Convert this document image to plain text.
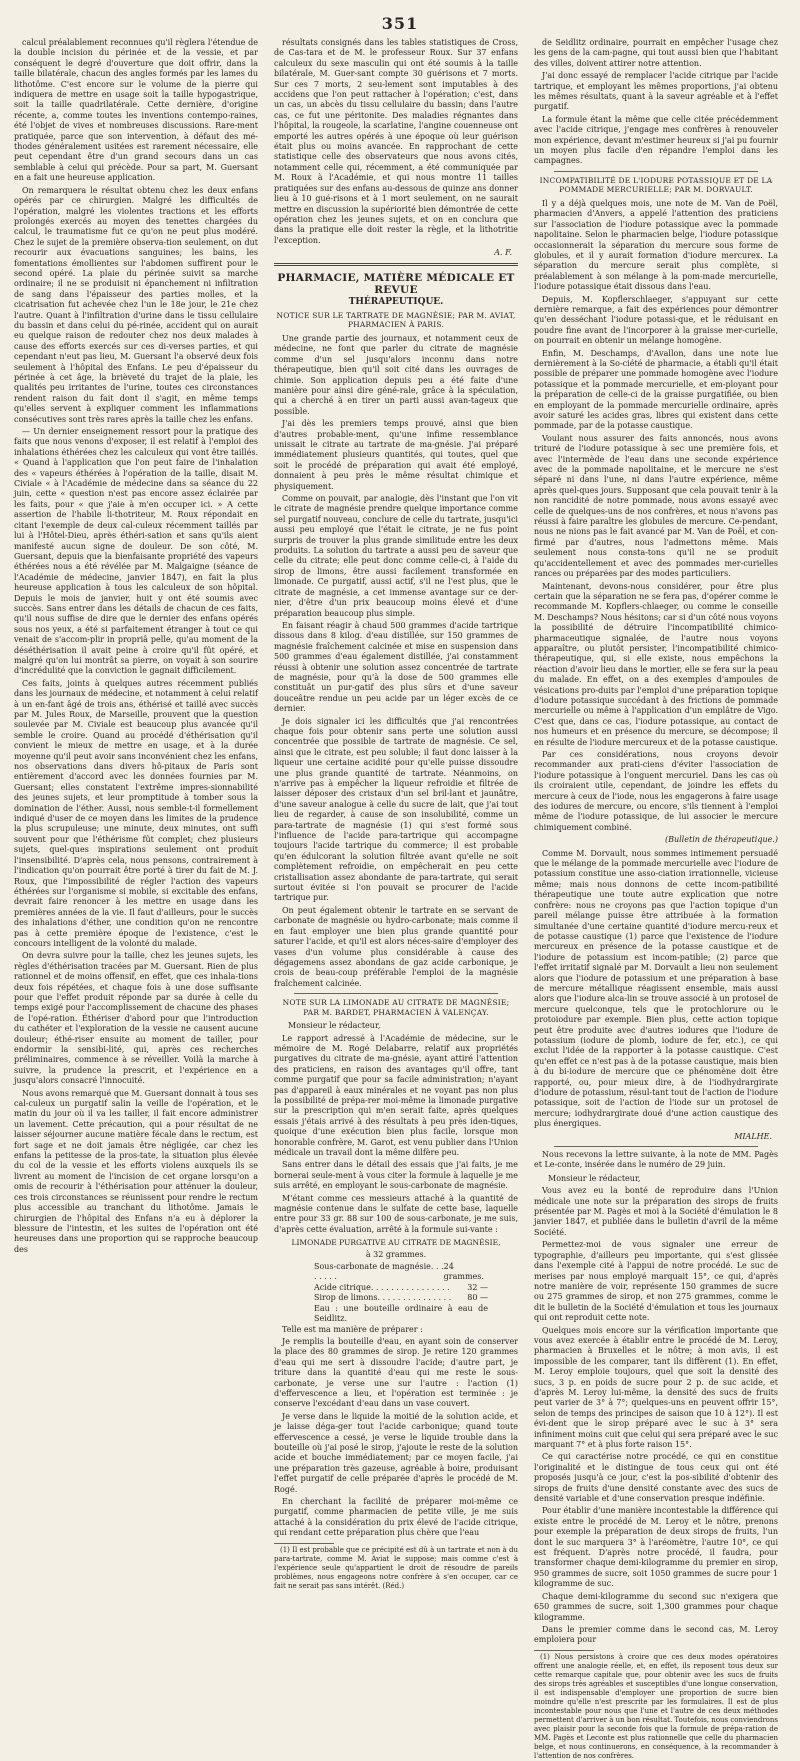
351

calcul préalablement reconnues qu'il règlera l'étendue de la double incision du périnée et de la vessie, et par conséquent le degré d'ouverture que doit offrir, dans la taille bilatérale, chacun des angles formés par les lames du lithotôme. C'est encore sur le volume de la pierre qui indiquera de mettre en usage soit la taille hypogastrique, soit la taille quadrilatérale. Cette dernière, d'origine récente, a, comme toutes les inventions contempo-raines, été l'objet de vives et nombreuses discussions. Rare-ment pratiquée, parce que son intervention, à défaut des mé-thodes généralement usitées est rarement nécessaire, elle peut cependant être d'un grand secours dans un cas semblable à celui qui précède. Pour sa part, M. Guersant en a fait une heureuse application.

On remarquera le résultat obtenu chez les deux enfans opérés par ce chirurgien. Malgré les difficultés de l'opération, malgré les violentes tractions et les efforts prolongés exercés au moyen des tenettes chargées du calcul, le traumatisme fut ce qu'on ne peut plus modéré. Chez le sujet de la première observa-tion seulement, on dut recourir aux évacuations sanguines; les bains, les fomentations émollientes sur l'abdomen suffirent pour le second opéré. La plaie du périnée suivit sa marche ordinaire; il ne se produisit ni épanchement ni infiltration de sang dans l'épaisseur des parties molles, et la cicatrisation fut achevée chez l'un le 18e jour, le 21e chez l'autre. Quant à l'infiltration d'urine dans le tissu cellulaire du bassin et dans celui du pé-rinée, accident qui on aurait eu quelque raison de redouter chez nos deux malades à cause des efforts exercés sur ces di-verses parties, et qui cependant n'eut pas lieu, M. Guersant l'a observé deux fois seulement à l'hôpital des Enfans. Le peu d'épaisseur du périnée à cet âge, la brièveté du trajet de la plaie, les qualités peu irritantes de l'urine, toutes ces circonstances rendent raison du fait dont il s'agit, en même temps qu'elles servent à expliquer comment les inflammations consécutives sont très rares après la taille chez les enfans.

— Un dernier enseignement ressort pour la pratique des faits que nous venons d'exposer, il est relatif à l'emploi des inhalations éthérées chez les calculeux qui vont être taillés. « Quand à l'application que l'on peut faire de l'inhalation des « vapeurs éthérées à l'opération de la taille, disait M. Civiale « à l'Académie de médecine dans sa séance du 22 juin, cette « question n'est pas encore assez éclairée par les faits, pour « que j'aie à m'en occuper ici. » A cette assertion de l'habile li-thotriteur, M. Roux répondait en citant l'exemple de deux cal-culeux récemment taillés par lui à l'Hôtel-Dieu, après éthéri-sation et sans qu'ils aient manifesté aucun signe de douleur. De son côté, M. Guersant, depuis que la bienfaisante propriété des vapeurs éthérées nous a été révélée par M. Malgaigne (séance de l'Académie de médecine, janvier 1847), en fait la plus heureuse application à tous les calculeux de son hôpital. Depuis le mois de janvier, huit y ont été soumis avec succès. Sans entrer dans les détails de chacun de ces faits, qu'il nous suffise de dire que le dernier des enfans opérés sous nos yeux, a été si parfaitement étranger à tout ce qui venait de s'accom-plir in propriâ pelle, qu'au moment de la déséthérisation il avait peine à croire qu'il fût opéré, et malgré qu'on lui montrât sa pierre, on voyait à son sourire d'incrédulité que la conviction le gagnait difficilement.

Ces faits, joints à quelques autres récemment publiés dans les journaux de médecine, et notamment à celui relatif à un en-fant âgé de trois ans, éthérisé et taillé avec succès par M. Jules Roux, de Marseille, prouvent que la question soulevée par M. Civiale est beaucoup plus avancée qu'il semble le croire. Quand au procédé d'éthérisation qu'il convient le mieux de mettre en usage, et à la durée moyenne qu'il peut avoir sans inconvénient chez les enfans, nos observations dans divers hô-pitaux de Paris sont entièrement d'accord avec les données fournies par M. Guersant; elles constatent l'extrême impres-sionnabilité des jeunes sujets, et leur promptitude à tomber sous la domination de l'éther. Aussi, nous semble-t-il formellement indiqué d'user de ce moyen dans les limites de la prudence la plus scrupuleuse; une minute, deux minutes, ont suffi souvent pour que l'éthérisme fût complet; chez plusieurs sujets, quel-ques inspirations seulement ont produit l'insensibilité. D'après cela, nous pensons, contrairement à l'indication qu'on pourrait être porté à tirer du fait de M. J. Roux, que l'impossibilité de régler l'action des vapeurs éthérées sur l'organisme si mobile, si excitable des enfans, devrait faire renoncer à les mettre en usage dans les premières années de la vie. Il faut d'ailleurs, pour le succès des inhalations d'éther, une condition qu'on ne rencontre pas à cette première époque de l'existence, c'est le concours intelligent de la volonté du malade.

On devra suivre pour la taille, chez les jeunes sujets, les règles d'éthérisation tracées par M. Guersant. Rien de plus rationnel et de moins offensif, en effet, que ces inhala-tions deux fois répétées, et chaque fois à une dose suffisante pour que l'effet produit réponde par sa durée à celle du temps exigé pour l'accomplissement de chacune des phases de l'opé-ration. Éthériser d'abord pour que l'introduction du cathéter et l'exploration de la vessie ne causent aucune douleur; éthé-riser ensuite au moment de tailler, pour endormir la sensibi-lité, qui, après ces recherches préliminaires, commence à se réveiller. Voilà la marche à suivre, la prudence la prescrit, et l'expérience en a jusqu'alors consacré l'innocuité.

Nous avons remarqué que M. Guersant donnait à tous ses cal-culeux un purgatif salin la veille de l'opération, et le matin du jour où il va les tailler, il fait encore administrer un lavement. Cette précaution, qui a pour résultat de ne laisser séjourner aucune matière fécale dans le rectum, est fort sage et ne doit jamais être négligée, car chez les enfans la petitesse de la pros-tate, la situation plus élevée du col de la vessie et les efforts violens auxquels ils se livrent au moment de l'incision de cet organe lorsqu'on a omis de recourir à l'éthérisation pour atténuer la douleur, ces trois circonstances se réunissent pour rendre le rectum plus accessible au tranchant du lithotôme. Jamais le chirurgien de l'hôpital des Enfans n'a eu à déplorer la blessure de l'intestin, et les suites de l'opération ont été heureuses dans une proportion qui se rapproche beaucoup des

résultats consignés dans les tables statistiques de Cross, de Cas-tara et de M. le professeur Roux. Sur 37 enfans calculeux du sexe masculin qui ont été soumis à la taille bilatérale, M. Guer-sant compte 30 guérisons et 7 morts. Sur ces 7 morts, 2 seu-lement sont imputables à des accidens que l'on peut rattacher à l'opération; c'est, dans un cas, un abcès du tissu cellulaire du bassin; dans l'autre cas, ce fut une péritonite. Des maladies régnantes dans l'hôpital, la rougeole, la scarlatine, l'angine couenneuse ont emporté les autres opérés à une époque où leur guérison était plus ou moins avancée. En rapprochant de cette statistique celle des observateurs que nous avons cités, notamment celle qui, récemment, a été communiquée par M. Roux à l'Académie, et qui nous montre 11 tailles pratiquées sur des enfans au-dessous de quinze ans donner lieu à 10 gué-risons et à 1 mort seulement, on ne saurait mettre en discussion la supériorité bien démontrée de cette opération chez les jeunes sujets, et on en conclura que dans la pratique elle doit rester la règle, et la lithotritie l'exception.

A. F.
PHARMACIE, MATIÈRE MÉDICALE ET REVUE
THÉRAPEUTIQUE.
NOTICE SUR LE TARTRATE DE MAGNÉSIE; PAR M. AVIAT, PHARMACIEN À PARIS.

Une grande partie des journaux, et notamment ceux de médecine, ne font que parler du citrate de magnésie comme d'un sel jusqu'alors inconnu dans notre thérapeutique, bien qu'il soit cité dans les ouvrages de chimie. Son application depuis peu a été faite d'une manière pour ainsi dire géné-rale, grâce à la spéculation, qui a cherché à en tirer un parti aussi avan-tageux que possible.

J'ai dès les premiers temps prouvé, ainsi que bien d'autres probable-ment, qu'une infime ressemblance unissait le citrate au tartrate de ma-gnésie. J'ai préparé immédiatement plusieurs quantités, qui toutes, quel que soit le procédé de préparation qui avait été employé, donnaient à peu près le même résultat chimique et physiquement.

Comme on pouvait, par analogie, dès l'instant que l'on vit le citrate de magnésie prendre quelque importance comme sel purgatif nouveau, conclure de celle du tartrate, jusqu'ici aussi peu employé que l'était le citrate, je ne fus point surpris de trouver la plus grande similitude entre les deux produits. La solution du tartrate a aussi peu de saveur que celle du citrate; elle peut donc comme celle-ci, à l'aide du sirop de limons, être aussi facilement transformée en limonade. Ce purgatif, aussi actif, s'il ne l'est plus, que le citrate de magnésie, a cet immense avantage sur ce der-nier, d'être d'un prix beaucoup moins élevé et d'une préparation beaucoup plus simple.

En faisant réagir à chaud 500 grammes d'acide tartrique dissous dans 8 kilog. d'eau distillée, sur 150 grammes de magnésie fraîchement calcinée et mise en suspension dans 500 grammes d'eau également distillée, j'ai constamment réussi à obtenir une solution assez concentrée de tartrate de magnésie, pour qu'à la dose de 500 grammes elle constituât un pur-gatif des plus sûrs et d'une saveur douceâtre rendue un peu acide par un léger excès de ce dernier.

Je dois signaler ici les difficultés que j'ai rencontrées chaque fois pour obtenir sans perte une solution aussi concentrée que possible de tartrate de magnésie. Ce sel, ainsi que le citrate, est peu soluble; il faut donc laisser à la liqueur une certaine acidité pour qu'elle puisse dissoudre une plus grande quantité de tartrate. Néanmoins, on n'arrive pas à empêcher la liqueur refroidie et filtrée de laisser déposer des cristaux d'un sel bril-lant et jaunâtre, d'une saveur analogue à celle du sucre de lait, que j'ai tout lieu de regarder, à cause de son insolubilité, comme un para-tartrate de magnésie (1) qui s'est formé sous l'influence de l'acide para-tartrique qui accompagne toujours l'acide tartrique du commerce; il est probable qu'en édulcorant la solution filtrée avant qu'elle ne soit complètement refroidie, on empêcherait en peu cette cristallisation assez abondante de para-tartrate, qui serait surtout évitée si l'on pouvait se procurer de l'acide tartrique pur.

On peut également obtenir le tartrate en se servant de carbonate de magnésie ou hydro-carbonate; mais comme il en faut employer une bien plus grande quantité pour saturer l'acide, et qu'il est alors néces-saire d'employer des vases d'un volume plus considérable à cause des dégagemens assez abondans de gaz acide carbonique, je crois de beau-coup préférable l'emploi de la magnésie fraîchement calcinée.

NOTE SUR LA LIMONADE AU CITRATE DE MAGNÉSIE; PAR M. BARDET, PHARMACIEN À VALENÇAY.

Monsieur le rédacteur,

Le rapport adressé à l'Académie de médecine, sur le mémoire de M. Rogé Delabarre, relatif aux propriétés purgatives du citrate de ma-gnésie, ayant attiré l'attention des praticiens, en raison des avantages qu'il offre, tant comme purgatif que pour sa facile administration; n'ayant pas d'appareil à eaux minérales et ne voyant pas non plus la possibilité de prépa-rer moi-même la limonade purgative sur la prescription qui m'en serait faite, après quelques essais j'étais arrivé à des résultats à peu près iden-tiques, quoique d'une exécution bien plus facile, lorsque mon honorable confrère, M. Garot, est venu publier dans l'Union médicale un travail dont la même dilfère peu.

Sans entrer dans le détail des essais que j'ai faits, je me bornerai seule-ment à vous citer la formule à laquelle je me suis arrêté, en employant le sous-carbonate de magnésie.

M'étant comme ces messieurs attaché à la quantité de magnésie contenue dans le sulfate de cette base, laquelle entre pour 33 gr. 88 sur 100 de sous-carbonate, je me suis, d'après cette évaluation, arrêté à la formule sui-vante :

LIMONADE PURGATIVE AU CITRATE DE MAGNÉSIE,
à 32 grammes.
Sous-carbonate de magnésie. . . . . . . .
24 grammes.
Acide citrique. . . . . . . . . . . . . . . . 32 —
Sirop de limons. . . . . . . . . . . . . . . 80 —
Eau : une bouteille ordinaire à eau de Seidlitz.

Telle est ma manière de préparer :

Je remplis la bouteille d'eau, en ayant soin de conserver la place des 80 grammes de sirop. Je retire 120 grammes d'eau qui me sert à dissoudre l'acide; d'autre part, je triture dans la quantité d'eau qui me reste le sous-carbonate, je verse une sur l'autre : l'action (1) d'effervescence a lieu, et l'opération est terminée : je conserve l'excédant d'eau dans un vase couvert.

Je verse dans le liquide la moitié de la solution acide, et je laisse déga-ger tout l'acide carbonique; quand toute effervescence a cessé, je verse le liquide trouble dans la bouteille où j'ai posé le sirop, j'ajoute le reste de la solution acide et bouche immédiatement; par ce moyen facile, j'ai une préparation très gazeuse, agréable à boire, produisant l'effet purgatif de celle préparée d'après le procédé de M. Rogé.

En cherchant la facilité de préparer moi-même ce purgatif, comme pharmacien de petite ville, je me suis attaché à la considération du prix élevé de l'acide citrique, qui rendant cette préparation plus chère que l'eau

(1) Il est probable que ce précipité est dû à un tartrate et non à du para-tartrate, comme M. Aviat le suppose; mais comme c'est à l'expérience seule qu'appartient le droit de résoudre de pareils problèmes, nous engageons notre confrère à s'en occuper, car ce fait ne serait pas sans intérêt. (Réd.)

de Seidlitz ordinaire, pourrait en empêcher l'usage chez les gens de la cam-pagne, qui tout aussi bien que l'habitant des villes, doivent attirer notre attention.

J'ai donc essayé de remplacer l'acide citrique par l'acide tartrique, et employant les mêmes proportions, j'ai obtenu les mêmes résultats, quant à la saveur agréable et à l'effet purgatif.

La formule étant la même que celle citée précédemment avec l'acide citrique, j'engage mes confrères à renouveler mon expérience, devant m'estimer heureux si j'ai pu fournir un moyen plus facile d'en répandre l'emploi dans les campagnes.

INCOMPATIBILITÉ DE L'IODURE POTASSIQUE ET DE LA POMMADE MERCURIELLE; PAR M. DORVAULT.

Il y a déjà quelques mois, une note de M. Van de Poël, pharmacien d'Anvers, a appelé l'attention des praticiens sur l'association de l'iodure potassique avec la pommade napolitaine. Selon le pharmacien belge, l'iodure potassique occasionnerait la séparation du mercure sous forme de globules, et il y aurait formation d'iodure mercurex. La séparation du mercure serait plus complète, si préalablement à son mélange à la pom-made mercurielle, l'iodure potassique était dissous dans l'eau.

Depuis, M. Kopflerschlaeger, s'appuyant sur cette dernière remarque, a fait des expériences pour démontrer qu'en desséchant l'iodure potassi-que, et le réduisant en poudre fine avant de l'incorporer à la graisse mer-curielle, on pourrait en obtenir un mélange homogène.

Enfin, M. Deschamps, d'Avallon, dans une note lue dernièrement à la So-ciété de pharmacie, a établi qu'il était possible de préparer une pommade homogène avec l'iodure potassique et la pommade mercurielle, et em-ployant pour la préparation de celle-ci de la graisse purgatifiée, ou bien en employant de la pommade mercurielle ordinaire, après avoir saturé les acides gras, libres qui existent dans cette pommade, par de la potasse caustique.

Voulant nous assurer des faits annoncés, nous avons trituré de l'iodure potassique à sec une première fois, et avec l'intermède de l'eau dans une seconde expérience avec de la pommade napolitaine, et le mercure ne s'est séparé ni dans l'une, ni dans l'autre expérience, même après quel-ques jours. Supposant que cela pouvait tenir à la non rancidité de notre pommade, nous avons essayé avec celle de quelques-uns de nos confrères, et nous n'avons pas réussi à faire paraître les globules de mercure. Ce-pendant, nous ne nions pas le fait avancé par M. Van de Poël, et con-firmé par d'autres, nous l'admettons même. Mais seulement nous consta-tons qu'il ne se produit qu'accidentellement et avec des pommades mer-curielles rances ou préparées par des modes particuliers.

Maintenant, devons-nous considérer, pour être plus certain que la séparation ne se fera pas, d'opérer comme le recommande M. Kopflers-chlaeger, ou comme le conseille M. Deschamps? Nous hésitons; car si d'un côté nous voyons la possibilité de détruire l'incompatibilité chimico-pharmaceutique signalée, de l'autre nous voyons apparaître, ou plutôt persister, l'incompatibilité chimico-thérapeutique, qui, si elle existe, nous empêchons la réaction d'avoir lieu dans le mortier, elle se fera sur la peau du malade. En effet, on a des exemples d'ampoules de vésications pro-duits par l'emploi d'une préparation topique d'iodure potassique succédant à des frictions de pommade mercurielle ou même à l'application d'un emplâtre de Vigo. C'est que, dans ce cas, l'iodure potassique, au contact de nos humeurs et en présence du mercure, se décompose; il en résulte de l'iodure mercureux et de la potasse caustique.

Par ces considérations, nous croyons devoir recommander aux prati-ciens d'éviter l'association de l'iodure potassique à l'onguent mercuriel. Dans les cas où ils croiraient utile, cependant, de joindre les effets du mercure à ceux de l'iode, nous les engagerons à faire usage des iodures de mercure, ou encore, s'ils tiennent à l'emploi même de l'iodure potassique, de lui associer le mercure chimiquement combiné.

(Bulletin de thérapeutique.)

Comme M. Dorvault, nous sommes intimement persuadé que le mélange de la pommade mercurielle avec l'iodure de potassium constitue une asso-ciation irrationnelle, vicieuse même; mais nous donnons de cette incom-patibilité thérapeutique une toute autre explication que notre confrère: nous ne croyons pas que l'action topique d'un pareil mélange puisse être attribuée à la formation simultanée d'une certaine quantité d'iodure mercu-reux et de potasse caustique (1) parce que l'existence de l'iodure mercureux en présence de la potasse caustique et de l'iodure de potassium est incom-patible; (2) parce que l'effet irritatif signalé par M. Dorvault a lieu non seulement alors que l'iodure de potassium et une préparation à base de mercure métallique réagissent ensemble, mais aussi alors que l'iodure alca-lin se trouve associé à un protosel de mercure quelconque, tels que le protochlorure ou le protoiodure par exemple. Bien plus, cette action topique peut être produite avec d'autres iodures que l'iodure de potassium (iodure de plomb, iodure de fer, etc.), ce qui exclut l'idée de la rapporter à la potasse caustique. C'est qu'en effet ce n'est pas à de la potasse caustique, mais bien à du bi-iodure de mercure que ce phénomène doit être rapporté, ou, pour mieux dire, à de l'iodhydrargirate d'iodure de potassium, résul-tant tout de l'action de l'iodure potassique, soit de l'action de l'iode sur un protosel de mercure; iodhydrargirate doué d'une action caustique des plus énergiques.

MIALHE.

Nous recevons la lettre suivante, à la note de MM. Pagès et Le-conte, insérée dans le numéro de 29 juin.

Monsieur le rédacteur,

Vous avez eu la bonté de reproduire dans l'Union médicale une note sur la préparation des sirops de fruits présentée par M. Pagès et moi à la Société d'émulation le 8 janvier 1847, et publiée dans le bulletin d'avril de la même Société.

Permettez-moi de vous signaler une erreur de typographie, d'ailleurs peu importante, qui s'est glissée dans l'exemple cité à l'appui de notre procédé. Le suc de merises par nous employé marquait 15°, ce qui, d'après notre manière de voir, représente 150 grammes de sucre ou 275 grammes de sirop, et non 275 grammes, comme le dit le bulletin de la Société d'émulation et tous les journaux qui ont reproduit cette note.

Quelques mois encore sur la vérification importante que vous avez exercée à établir entre le procédé de M. Leroy, pharmacien à Bruxelles et le nôtre; à mon avis, il est impossible de les comparer, tant ils diffèrent (1). En effet, M. Leroy emploie toujours, quel que soit la densité des sucs, 3 p. en poids de sucre pour 2 p. de suc acide, et d'après M. Leroy lui-même, la densité des sucs de fruits peut varier de 3° à 7°; quelques-uns en peuvent offrir 15°, selon de temps des principes de saison que 10 à 12°). Il est évi-dent que le sirop préparé avec le suc à 3° sera infiniment moins cuit que celui qui sera préparé avec le suc marquant 7° et à plus forte raison 15°.

Ce qui caractérise notre procédé, ce qui en constitue l'originalité et le distingue de tous ceux qui ont été proposés jusqu'à ce jour, c'est la pos-sibilité d'obtenir des sirops de fruits d'une densité constante avec des sucs de densité variable et d'une conservation presque indéfinie.

Pour établir d'une manière incontestable la différence qui existe entre le procédé de M. Leroy et le nôtre, prenons pour exemple la préparation de deux sirops de fruits, l'un dont le suc marquera 3° à l'aréomètre, l'autre 10°, ce qui est fréquent. D'après notre procédé, il faudra, pour transformer chaque demi-kilogramme du premier en sirop, 950 grammes de sucre, soit 1050 grammes de sucre pour 1 kilogramme de suc.

Chaque demi-kilogramme du second suc n'exigera que 650 grammes de sucre, soit 1,300 grammes pour chaque kilogramme.

Dans le premier comme dans le second cas, M. Leroy emploiera pour

(1) Nous persistons à croire que ces deux modes opératoires offrent une analogie réelle, et, en effet, ils reposent tous deux sur cette remarque capitale que, pour obtenir avec les sucs de fruits des sirops très agréables et susceptibles d'une longue conservation, il est indispensable d'employer une proportion de sucre bien moindre qu'elle n'est prescrite par les formulaires. Il est de plus incontestable pour nous que l'une et l'autre de ces deux méthodes permettent d'arriver à un bon résultat. Toutefois, nous conviendrons avec plaisir pour la seconde fois que la formule de prépa-ration de MM. Pagès et Leconte est plus rationnelle que celle du pharmacien belge, et nous continuerons, en conséquence, à la recommander à l'attention de nos confrères.
